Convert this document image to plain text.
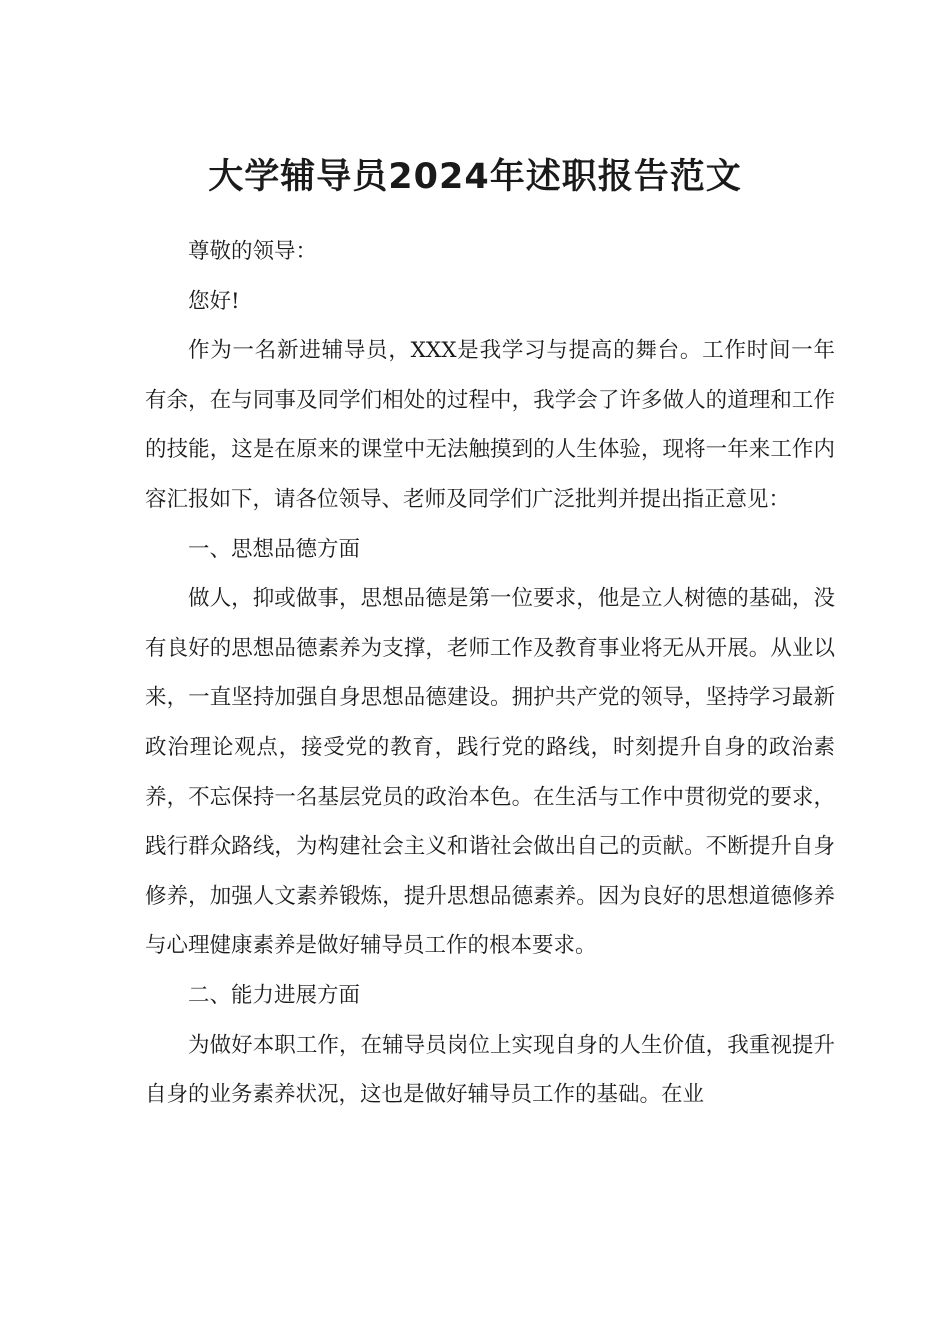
大学辅导员2024年述职报告范文

尊敬的领导：

您好!

作为一名新进辅导员，XXX是我学习与提高的舞台。工作时间一年有余，在与同事及同学们相处的过程中，我学会了许多做人的道理和工作的技能，这是在原来的课堂中无法触摸到的人生体验，现将一年来工作内容汇报如下，请各位领导、老师及同学们广泛批判并提出指正意见：

一、思想品德方面

做人，抑或做事，思想品德是第一位要求，他是立人树德的基础，没有良好的思想品德素养为支撑，老师工作及教育事业将无从开展。从业以来，一直坚持加强自身思想品德建设。拥护共产党的领导，坚持学习最新政治理论观点，接受党的教育，践行党的路线，时刻提升自身的政治素养，不忘保持一名基层党员的政治本色。在生活与工作中贯彻党的要求，践行群众路线，为构建社会主义和谐社会做出自己的贡献。不断提升自身修养，加强人文素养锻炼，提升思想品德素养。因为良好的思想道德修养与心理健康素养是做好辅导员工作的根本要求。

二、能力进展方面

为做好本职工作，在辅导员岗位上实现自身的人生价值，我重视提升自身的业务素养状况，这也是做好辅导员工作的基础。在业
